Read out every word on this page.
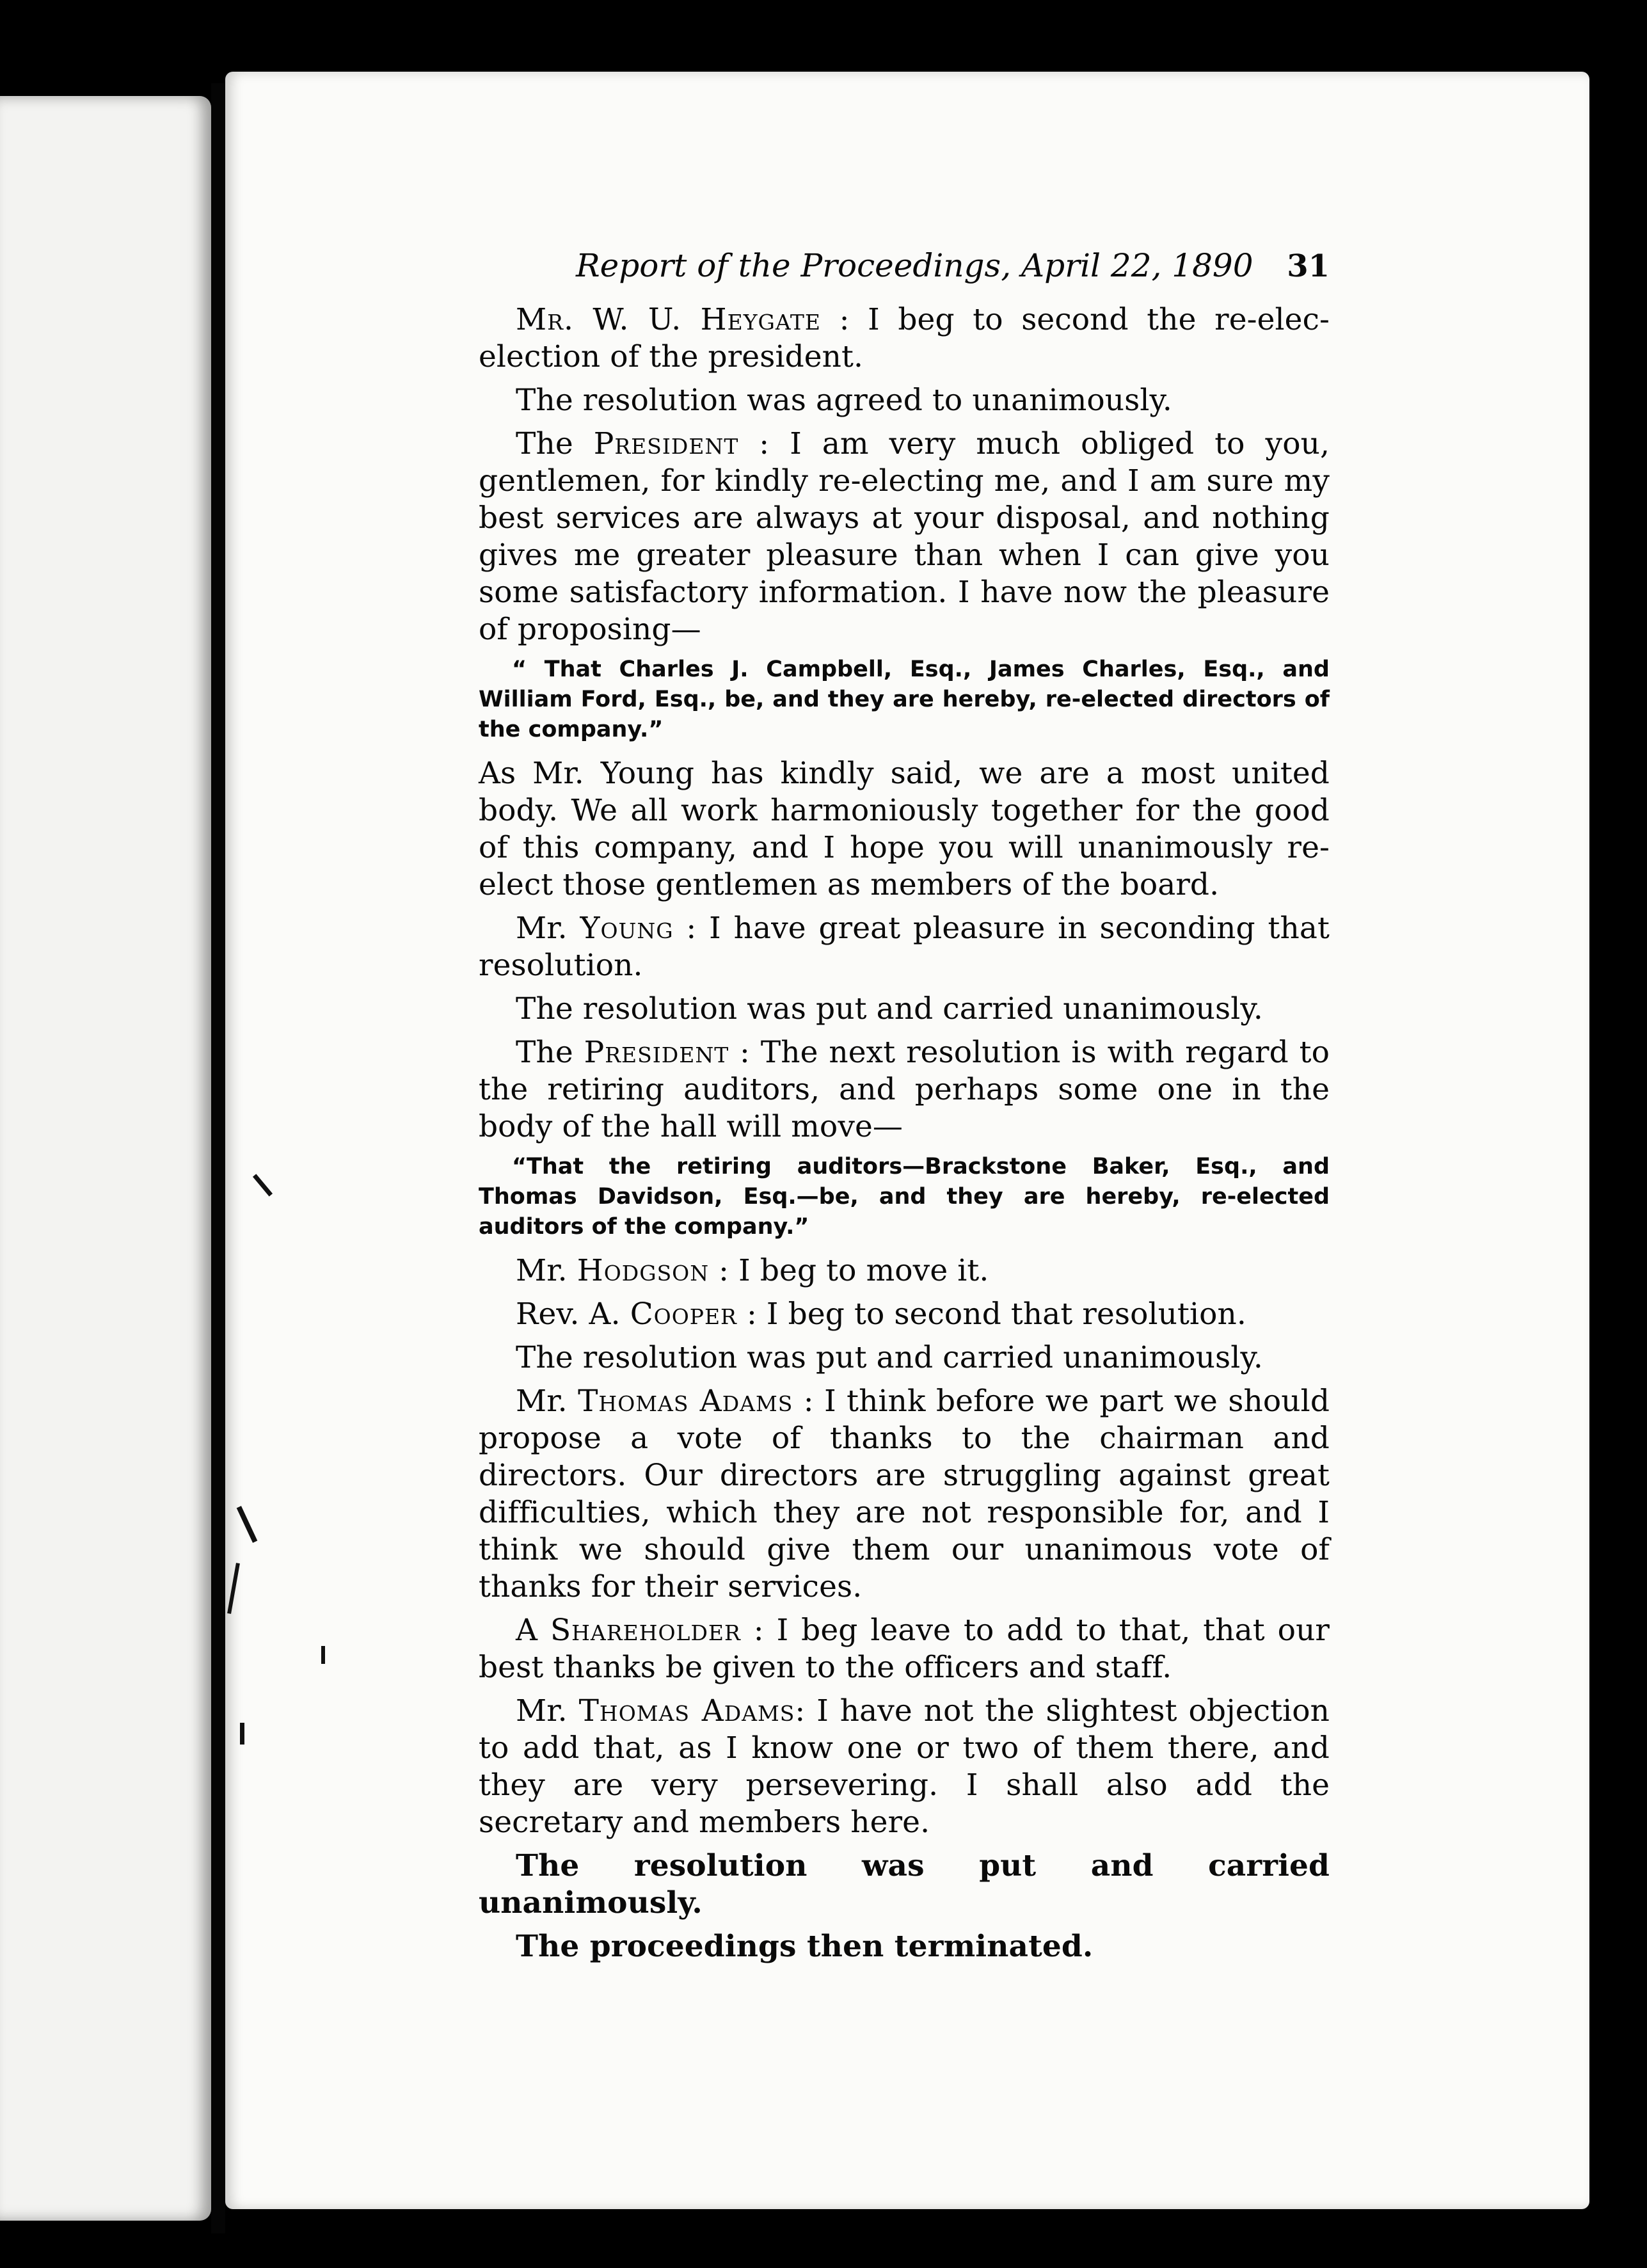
Report of the Proceedings, April 22, 1890 31

Mr. W. U. Heygate : I beg to second the re-elec- election of the president.

The resolution was agreed to unanimously.

The President : I am very much obliged to you, gentlemen, for kindly re-electing me, and I am sure my best services are always at your disposal, and nothing gives me greater pleasure than when I can give you some satisfactory information. I have now the pleasure of proposing—

“ That Charles J. Campbell, Esq., James Charles, Esq., and William Ford, Esq., be, and they are hereby, re-elected directors of the company.”

As Mr. Young has kindly said, we are a most united body. We all work harmoniously together for the good of this company, and I hope you will unanimously re-elect those gentlemen as members of the board.

Mr. Young : I have great pleasure in seconding that resolution.

The resolution was put and carried unanimously.

The President : The next resolution is with regard to the retiring auditors, and perhaps some one in the body of the hall will move—

“That the retiring auditors—Brackstone Baker, Esq., and Thomas Davidson, Esq.—be, and they are hereby, re-elected auditors of the company.”

Mr. Hodgson : I beg to move it.

Rev. A. Cooper : I beg to second that resolution.

The resolution was put and carried unanimously.

Mr. Thomas Adams : I think before we part we should propose a vote of thanks to the chairman and directors. Our directors are struggling against great difficulties, which they are not responsible for, and I think we should give them our unanimous vote of thanks for their services.

A Shareholder : I beg leave to add to that, that our best thanks be given to the officers and staff.

Mr. Thomas Adams: I have not the slightest objection to add that, as I know one or two of them there, and they are very persevering. I shall also add the secretary and members here.

The resolution was put and carried unanimously.

The proceedings then terminated.
